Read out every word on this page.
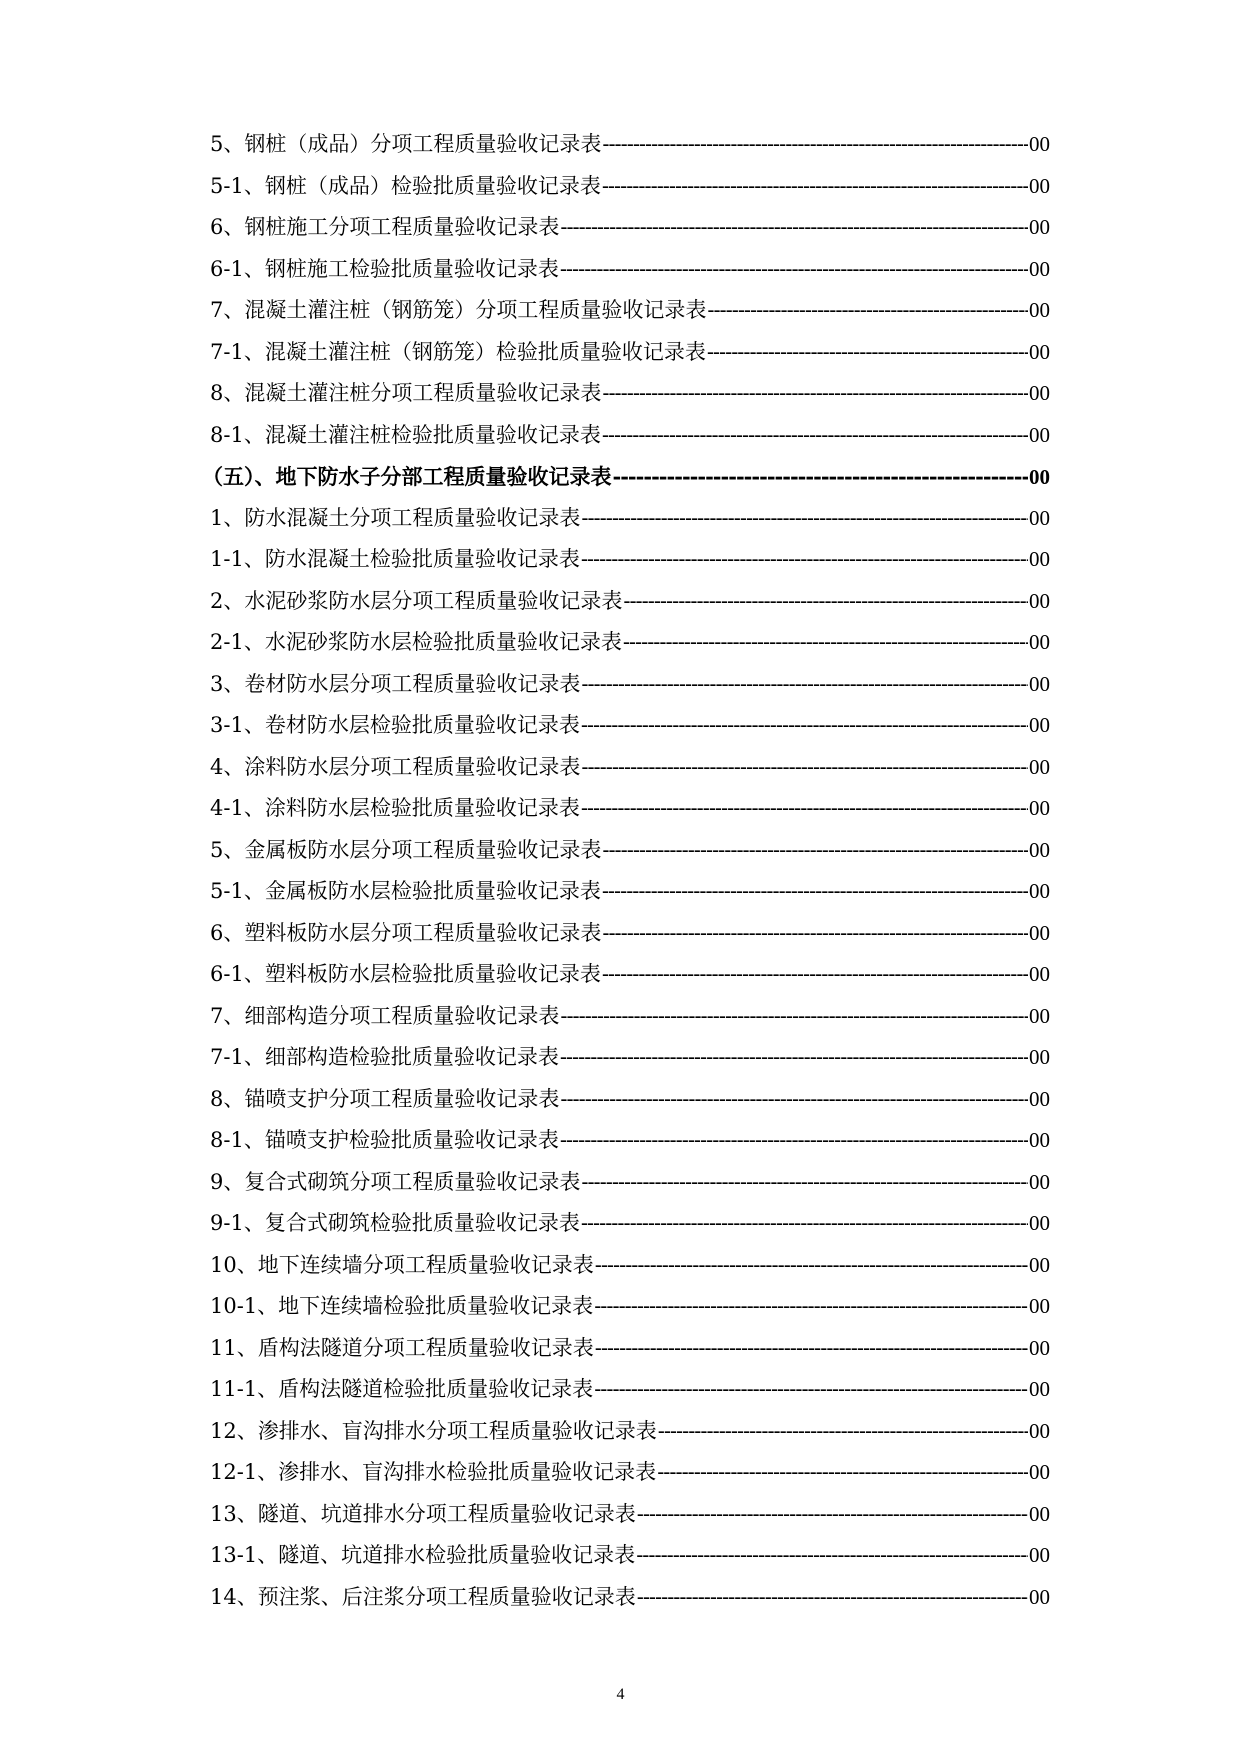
5、钢桩（成品）分项工程质量验收记录表 -----	00
5-1、钢桩（成品）检验批质量验收记录表 -----	00
6、钢桩施工分项工程质量验收记录表 -----	00
6-1、钢桩施工检验批质量验收记录表 -----	00
7、混凝土灌注桩（钢筋笼）分项工程质量验收记录表 -----	00
7-1、混凝土灌注桩（钢筋笼）检验批质量验收记录表 -----	00
8、混凝土灌注桩分项工程质量验收记录表 -----	00
8-1、混凝土灌注桩检验批质量验收记录表 -----	00
（五）、地下防水子分部工程质量验收记录表 -----	00
1、防水混凝土分项工程质量验收记录表 -----	00
1-1、防水混凝土检验批质量验收记录表 -----	00
2、水泥砂浆防水层分项工程质量验收记录表 -----	00
2-1、水泥砂浆防水层检验批质量验收记录表 -----	00
3、卷材防水层分项工程质量验收记录表 -----	00
3-1、卷材防水层检验批质量验收记录表 -----	00
4、涂料防水层分项工程质量验收记录表 -----	00
4-1、涂料防水层检验批质量验收记录表 -----	00
5、金属板防水层分项工程质量验收记录表 -----	00
5-1、金属板防水层检验批质量验收记录表 -----	00
6、塑料板防水层分项工程质量验收记录表 -----	00
6-1、塑料板防水层检验批质量验收记录表 -----	00
7、细部构造分项工程质量验收记录表 -----	00
7-1、细部构造检验批质量验收记录表 -----	00
8、锚喷支护分项工程质量验收记录表 -----	00
8-1、锚喷支护检验批质量验收记录表 -----	00
9、复合式砌筑分项工程质量验收记录表 -----	00
9-1、复合式砌筑检验批质量验收记录表 -----	00
10、地下连续墙分项工程质量验收记录表 -----	00
10-1、地下连续墙检验批质量验收记录表 -----	00
11、盾构法隧道分项工程质量验收记录表 -----	00
11-1、盾构法隧道检验批质量验收记录表 -----	00
12、渗排水、盲沟排水分项工程质量验收记录表 -----	00
12-1、渗排水、盲沟排水检验批质量验收记录表 -----	00
13、隧道、坑道排水分项工程质量验收记录表 -----	00
13-1、隧道、坑道排水检验批质量验收记录表 -----	00
14、预注浆、后注浆分项工程质量验收记录表 -----	00
4
